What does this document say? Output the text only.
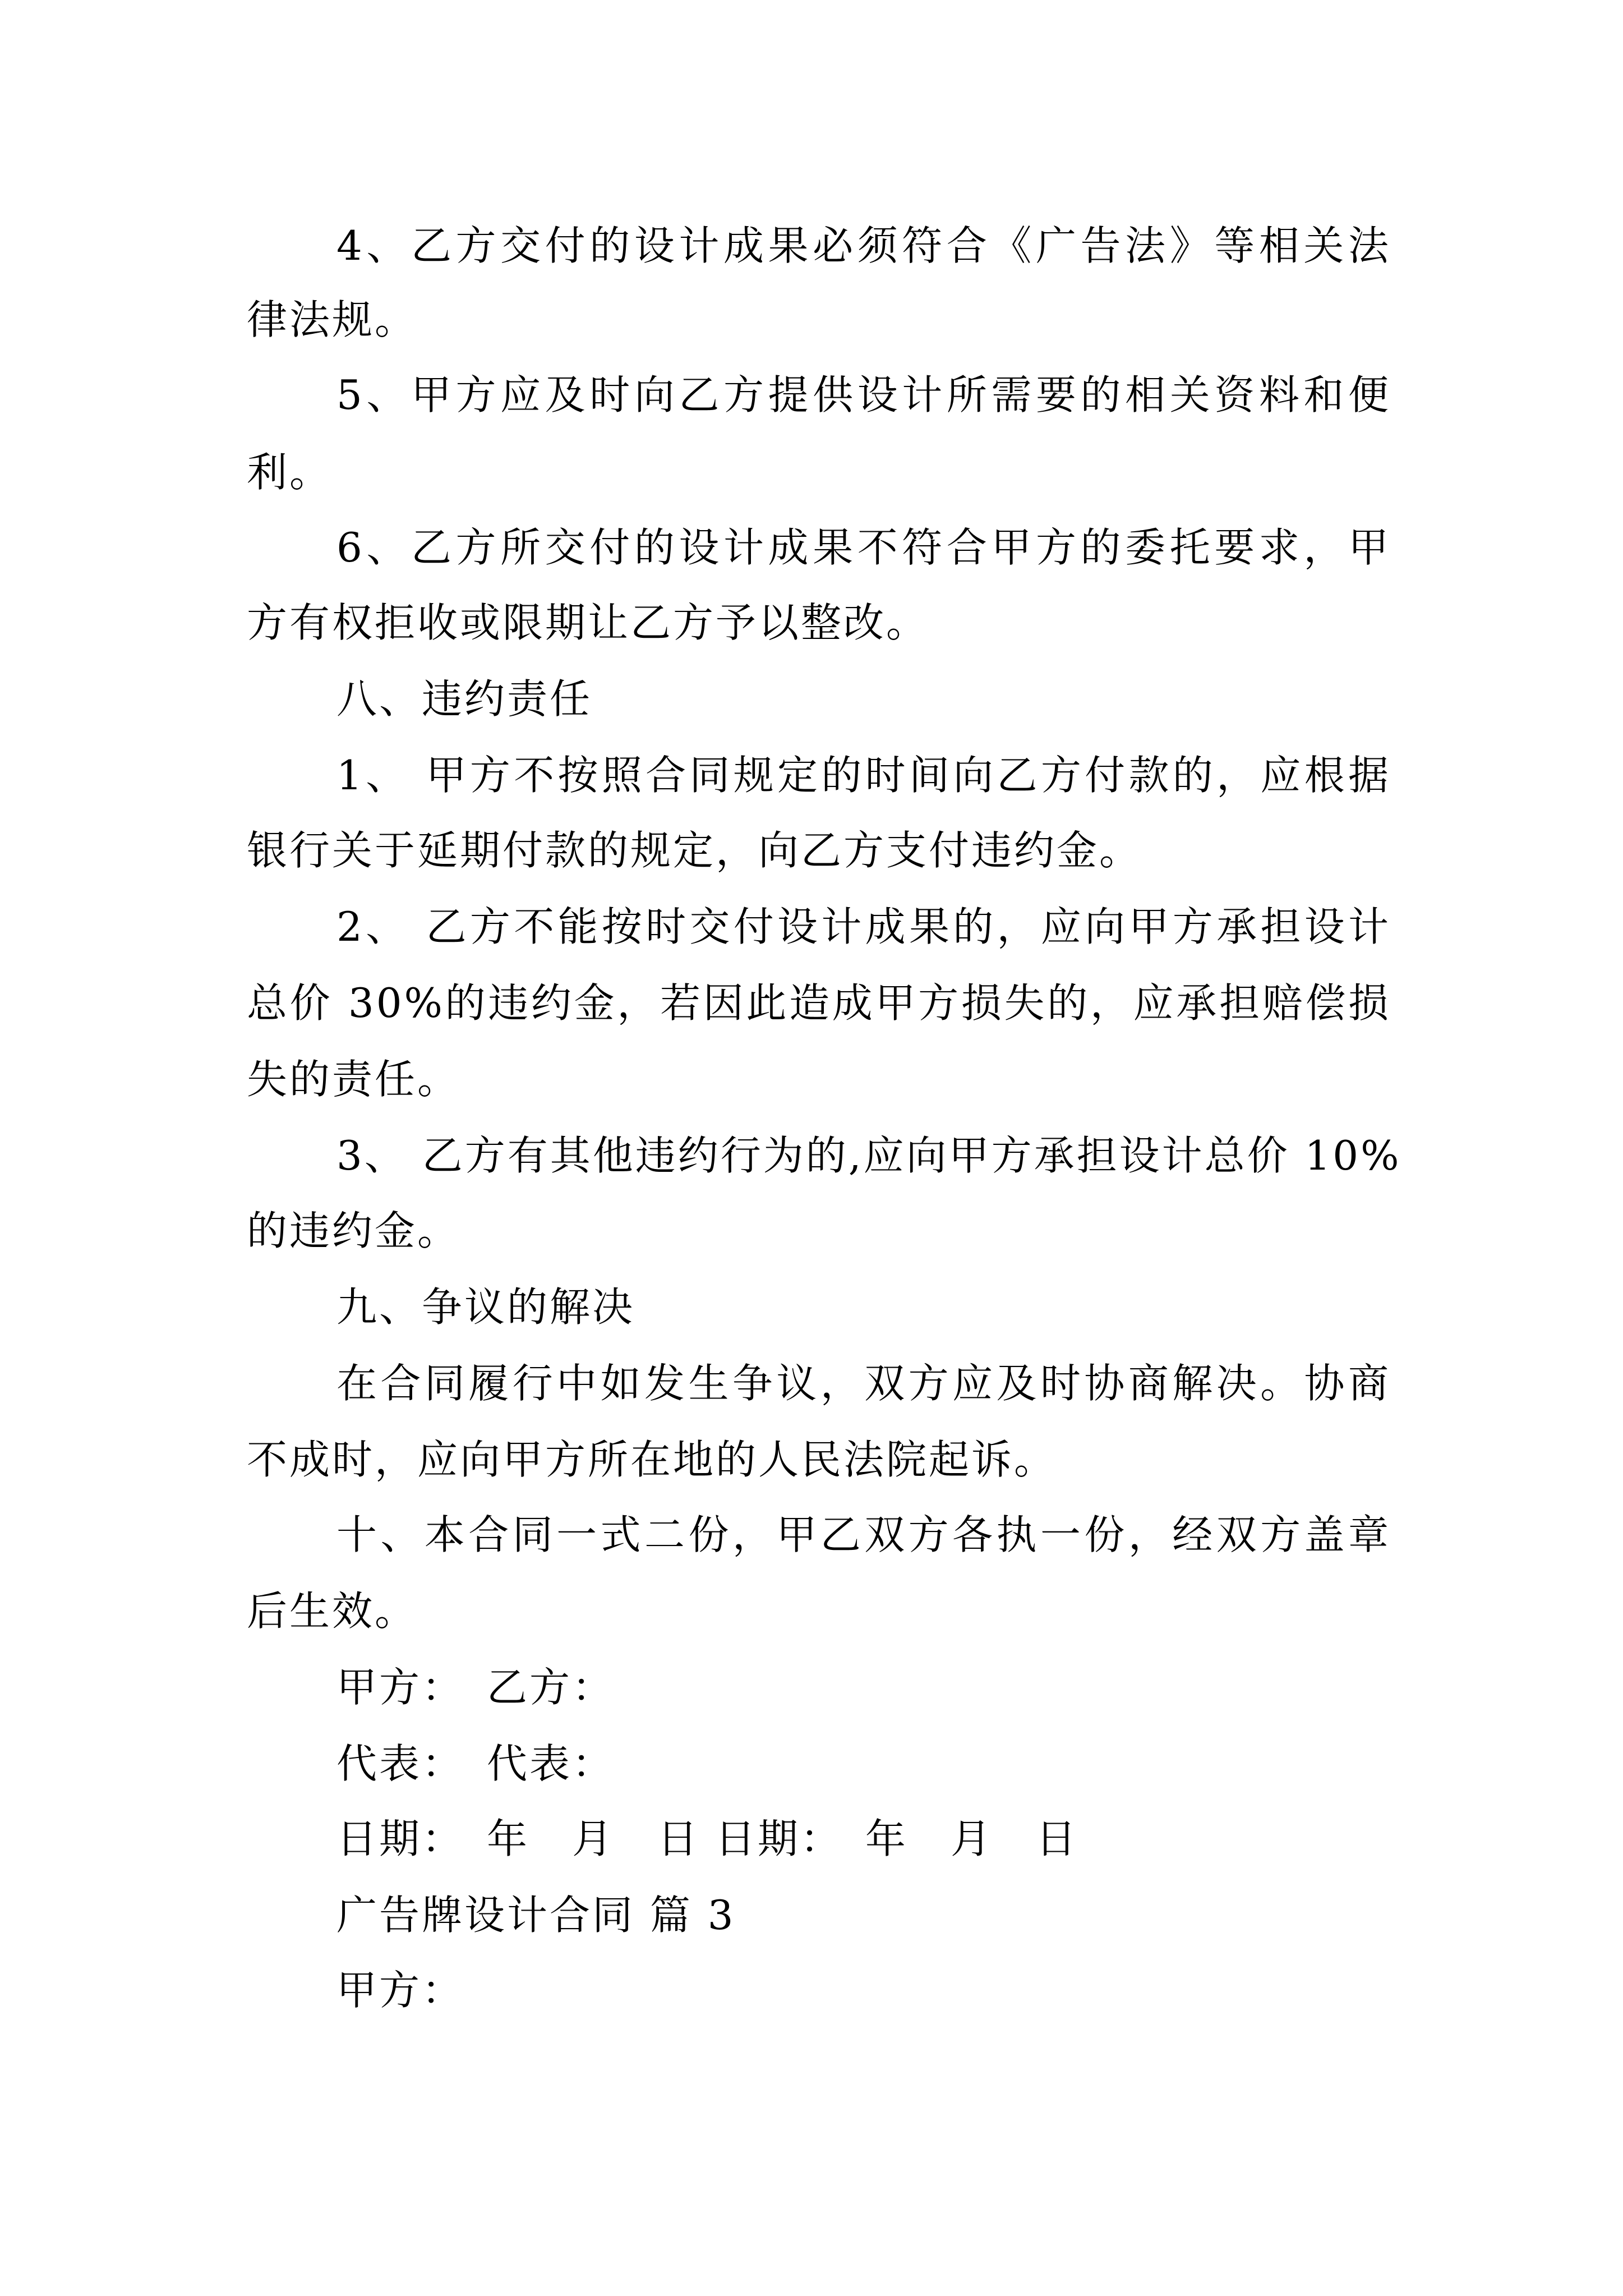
4、乙方交付的设计成果必须符合《广告法》等相关法
律法规。
5、甲方应及时向乙方提供设计所需要的相关资料和便
利。
6、乙方所交付的设计成果不符合甲方的委托要求，甲
方有权拒收或限期让乙方予以整改。
八、违约责任
1、 甲方不按照合同规定的时间向乙方付款的，应根据
银行关于延期付款的规定，向乙方支付违约金。
2、 乙方不能按时交付设计成果的，应向甲方承担设计
总价 30%的违约金，若因此造成甲方损失的，应承担赔偿损
失的责任。
3、 乙方有其他违约行为的,应向甲方承担设计总价 10%
的违约金。
九、争议的解决
在合同履行中如发生争议，双方应及时协商解决。协商
不成时，应向甲方所在地的人民法院起诉。
十、本合同一式二份，甲乙双方各执一份，经双方盖章
后生效。
甲方：　乙方：
代表：　代表：
日期：　年　月　日 日期：　年　月　日
广告牌设计合同 篇 3
甲方：
